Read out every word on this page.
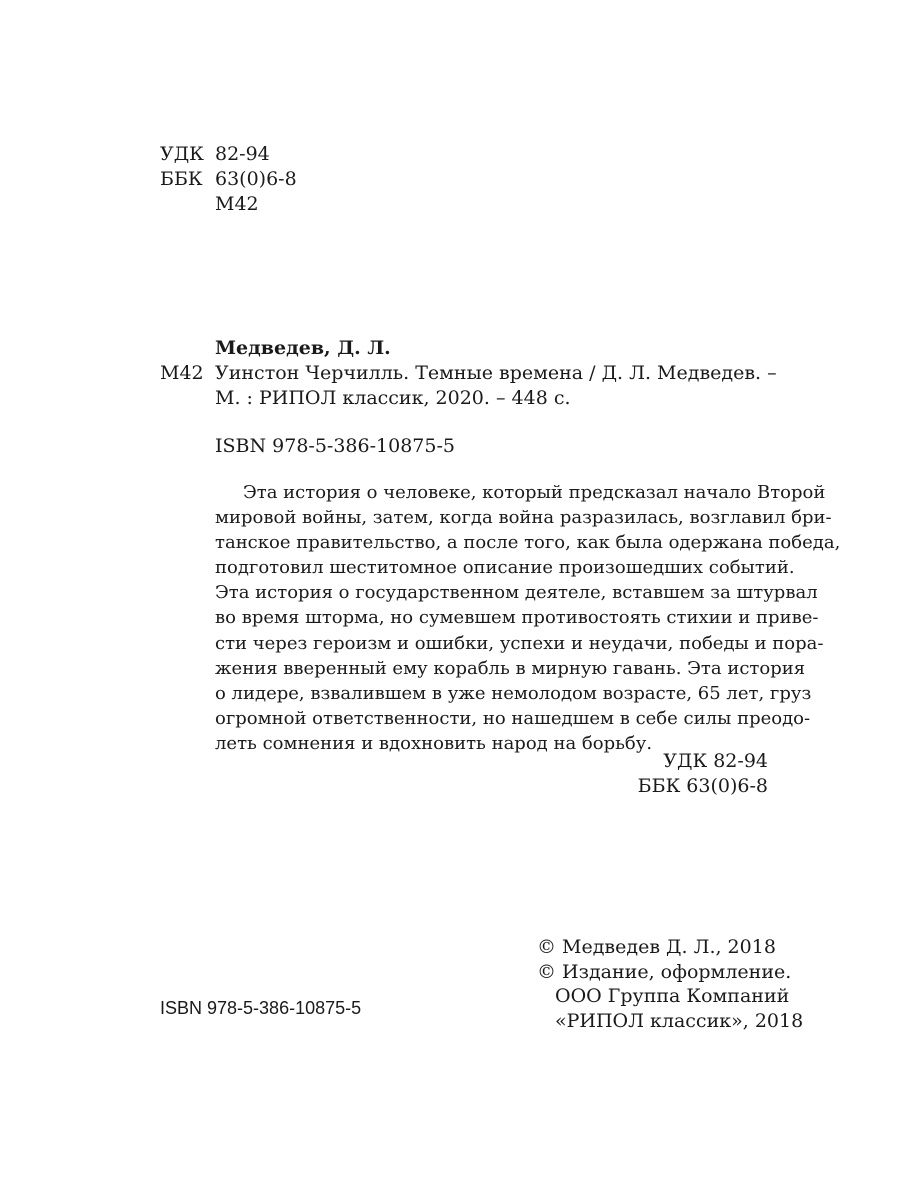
УДК 82-94
ББК 63(0)6-8
М42
Медведев, Д. Л.
М42 Уинстон Черчилль. Темные времена / Д. Л. Медведев. –
М. : РИПОЛ классик, 2020. – 448 с.
ISBN 978-5-386-10875-5
Эта история о человеке, который предсказал начало Второй
мировой войны, затем, когда война разразилась, возглавил бри-
танское правительство, а после того, как была одержана победа,
подготовил шеститомное описание произошедших событий.
Эта история о государственном деятеле, вставшем за штурвал
во время шторма, но сумевшем противостоять стихии и приве-
сти через героизм и ошибки, успехи и неудачи, победы и пора-
жения вверенный ему корабль в мирную гавань. Эта история
о лидере, взвалившем в уже немолодом возрасте, 65 лет, груз
огромной ответственности, но нашедшем в себе силы преодо-
леть сомнения и вдохновить народ на борьбу.
УДК 82-94
ББК 63(0)6-8
ISBN 978-5-386-10875-5
© Медведев Д. Л., 2018
© Издание, оформление.
ООО Группа Компаний
«РИПОЛ классик», 2018
